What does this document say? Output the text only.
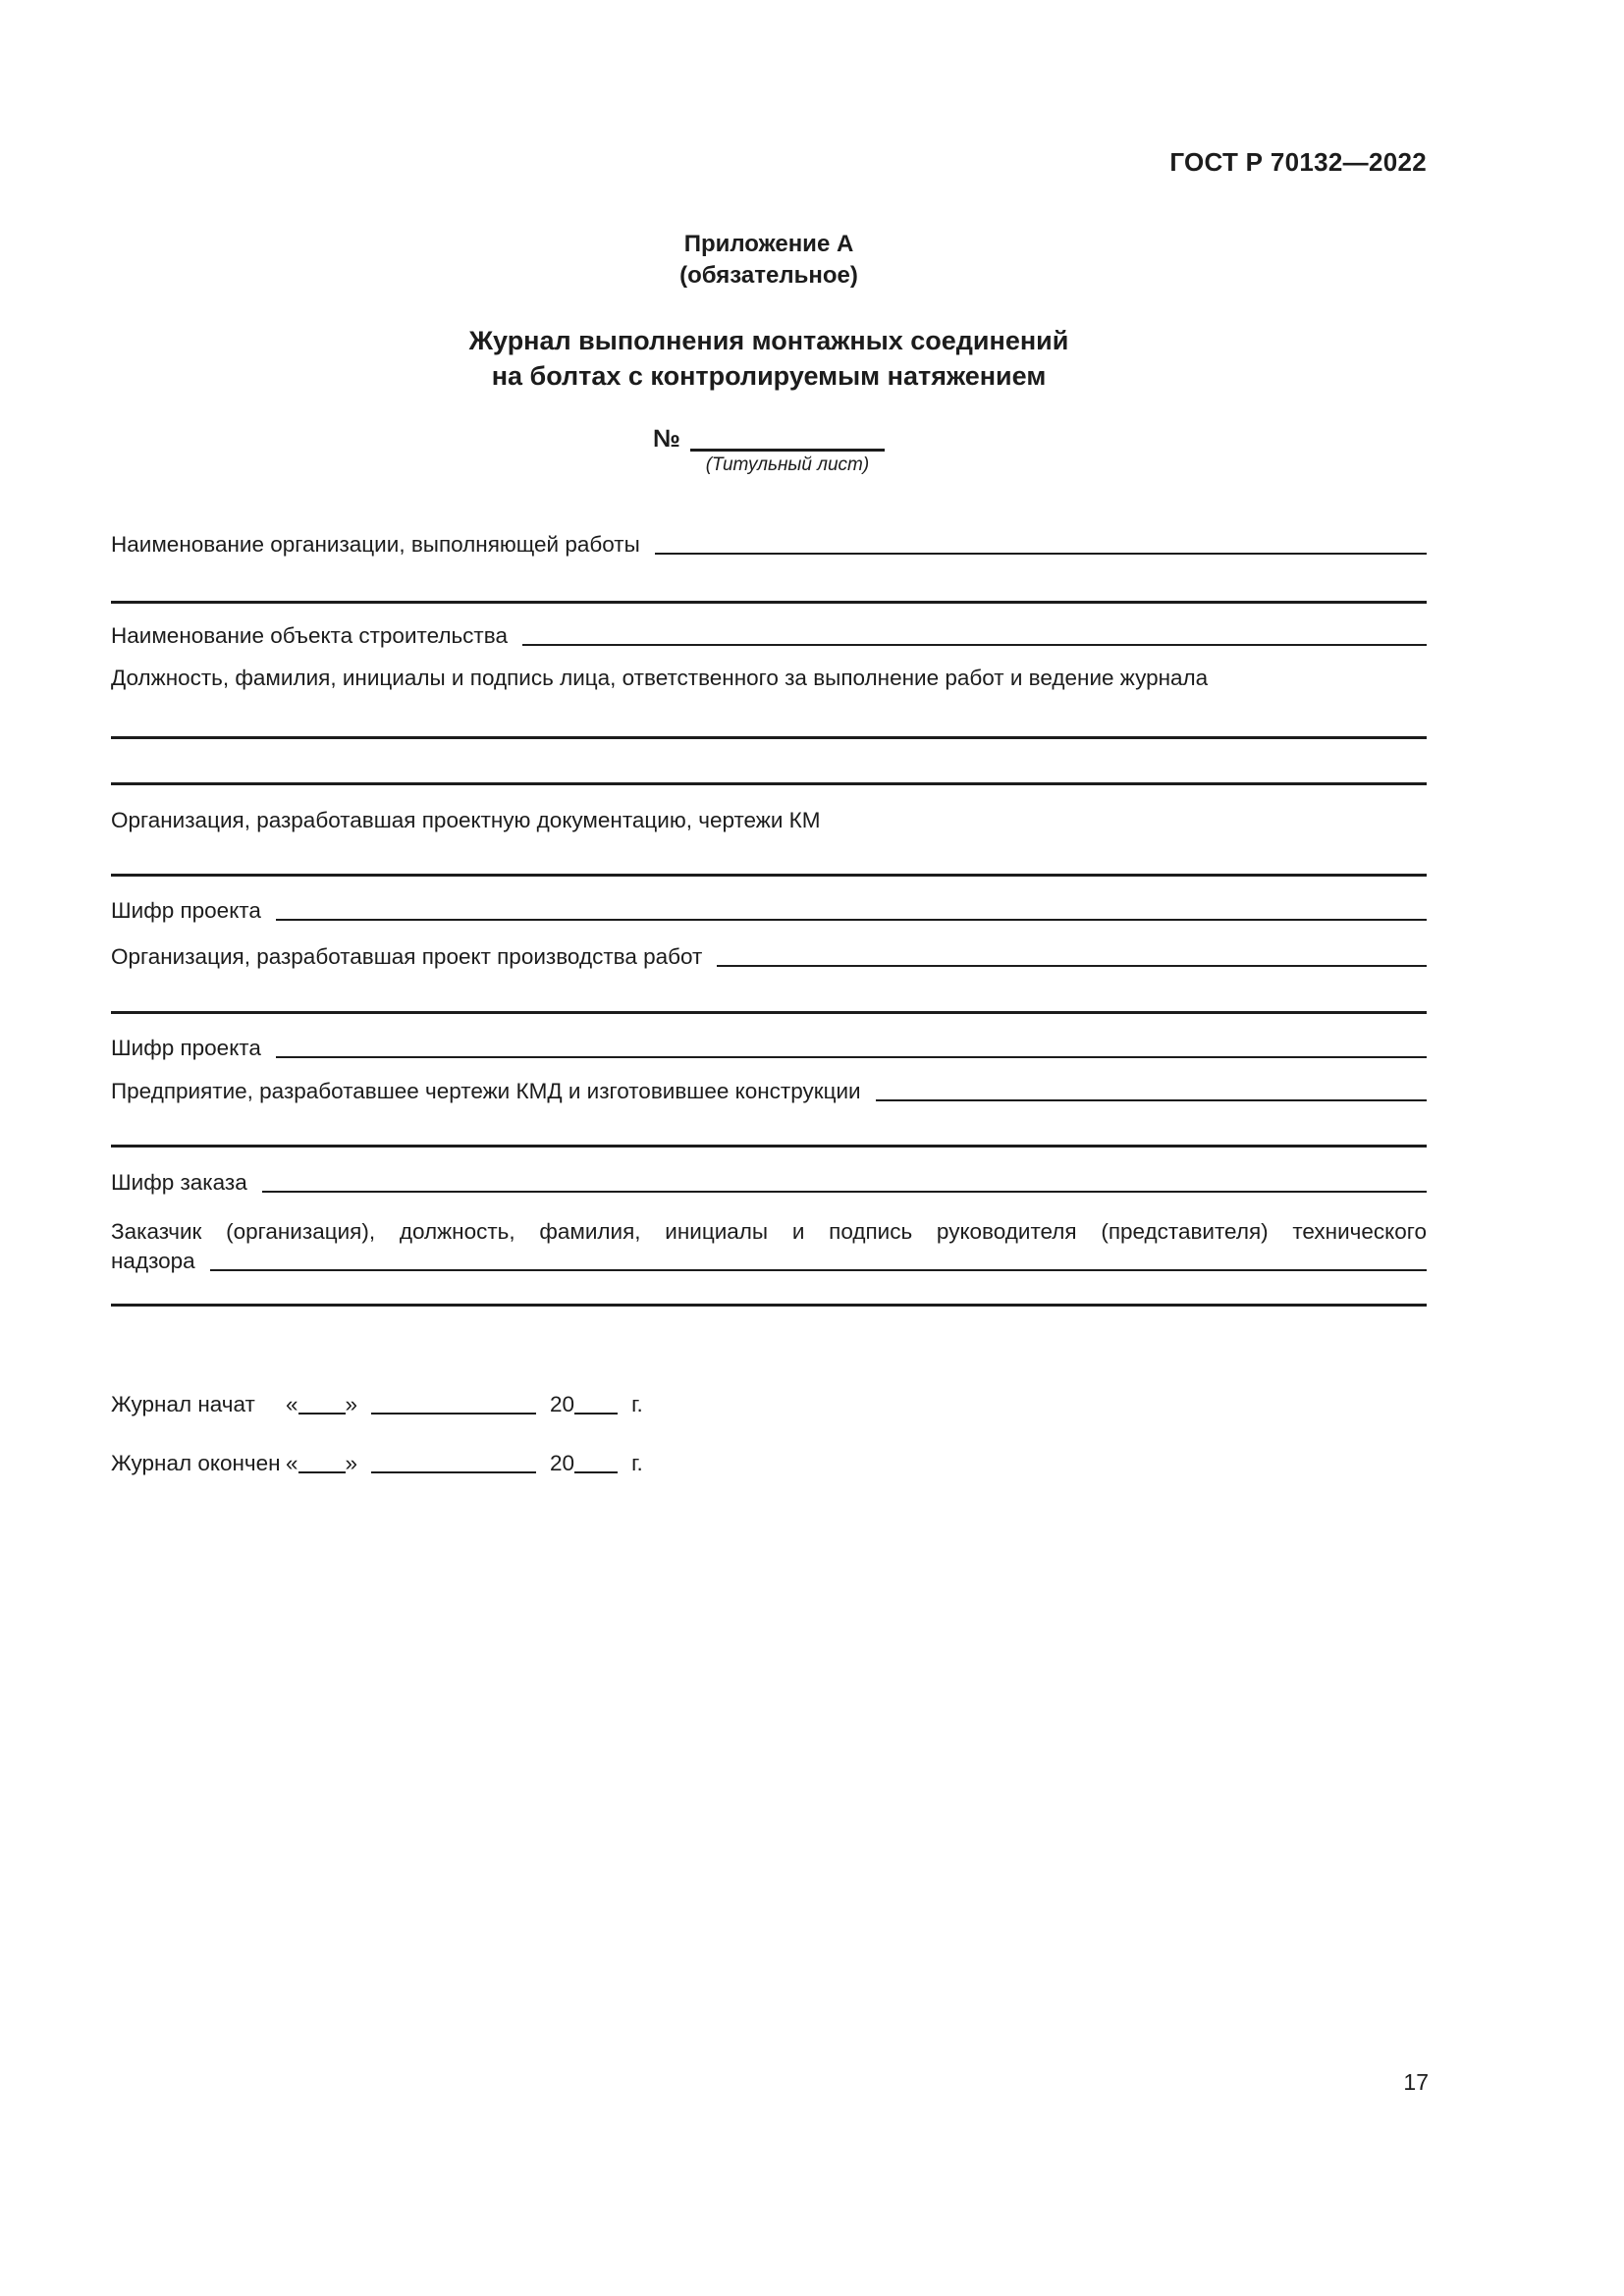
ГОСТ Р 70132—2022
Приложение А
(обязательное)
Журнал выполнения монтажных соединений
на болтах с контролируемым натяжением
№
(Титульный лист)
Наименование организации, выполняющей работы
Наименование объекта строительства
Должность, фамилия, инициалы и подпись лица, ответственного за выполнение работ и ведение журнала
Организация, разработавшая проектную документацию, чертежи КМ
Шифр проекта
Организация, разработавшая проект производства работ
Шифр проекта
Предприятие, разработавшее чертежи КМД и изготовившее конструкции
Шифр заказа
Заказчик (организация), должность, фамилия, инициалы и подпись руководителя (представителя) технического
надзора
Журнал начат	« »	20	г.
Журнал окончен « »	20	г.
17
